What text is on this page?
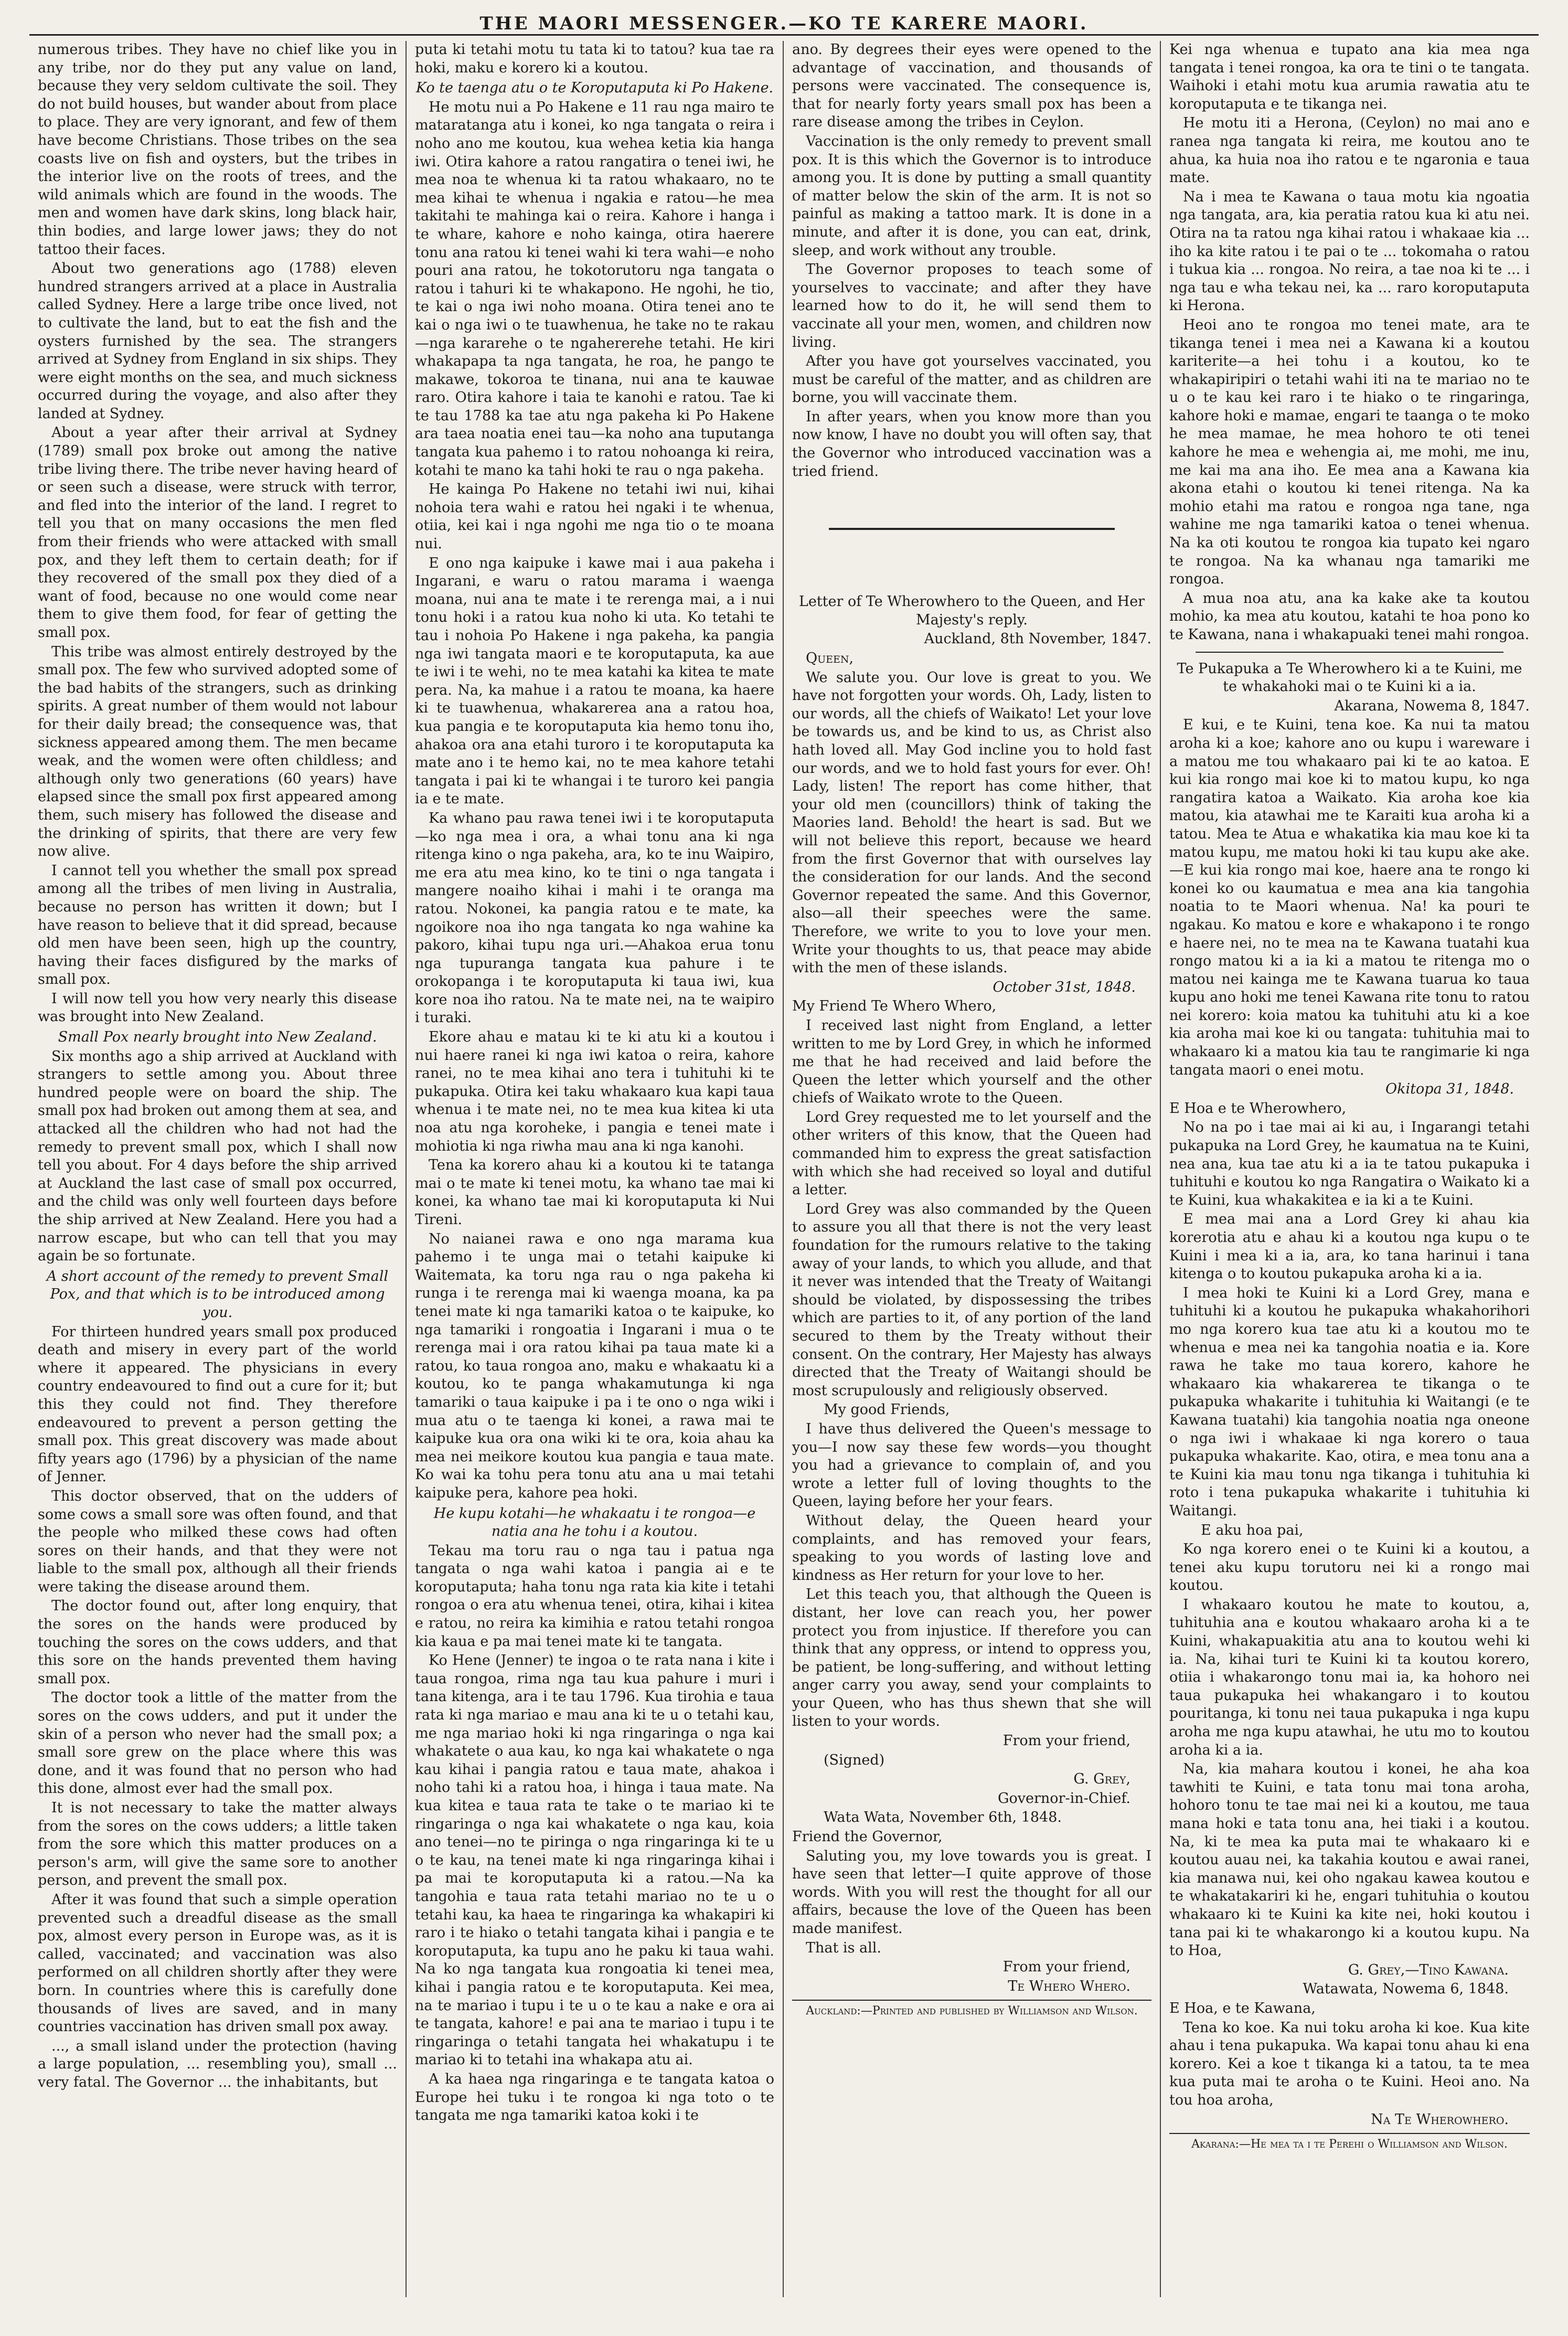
THE MAORI MESSENGER.—KO TE KARERE MAORI.

numerous tribes. They have no chief like you in any tribe, nor do they put any value on land, because they very seldom cultivate the soil. They do not build houses, but wander about from place to place. They are very ignorant, and few of them have become Christians. Those tribes on the sea coasts live on fish and oysters, but the tribes in the interior live on the roots of trees, and the wild animals which are found in the woods. The men and women have dark skins, long black hair, thin bodies, and large lower jaws; they do not tattoo their faces.

About two generations ago (1788) eleven hundred strangers arrived at a place in Australia called Sydney. Here a large tribe once lived, not to cultivate the land, but to eat the fish and the oysters furnished by the sea. The strangers arrived at Sydney from England in six ships. They were eight months on the sea, and much sickness occurred during the voyage, and also after they landed at Sydney.

About a year after their arrival at Sydney (1789) small pox broke out among the native tribe living there. The tribe never having heard of or seen such a disease, were struck with terror, and fled into the interior of the land. I regret to tell you that on many occasions the men fled from their friends who were attacked with small pox, and they left them to certain death; for if they recovered of the small pox they died of a want of food, because no one would come near them to give them food, for fear of getting the small pox.

This tribe was almost entirely destroyed by the small pox. The few who survived adopted some of the bad habits of the strangers, such as drinking spirits. A great number of them would not labour for their daily bread; the consequence was, that sickness appeared among them. The men became weak, and the women were often childless; and although only two generations (60 years) have elapsed since the small pox first appeared among them, such misery has followed the disease and the drinking of spirits, that there are very few now alive.

I cannot tell you whether the small pox spread among all the tribes of men living in Australia, because no person has written it down; but I have reason to believe that it did spread, because old men have been seen, high up the country, having their faces disfigured by the marks of small pox.

I will now tell you how very nearly this disease was brought into New Zealand.

Small Pox nearly brought into New Zealand.

Six months ago a ship arrived at Auckland with strangers to settle among you. About three hundred people were on board the ship. The small pox had broken out among them at sea, and attacked all the children who had not had the remedy to prevent small pox, which I shall now tell you about. For 4 days before the ship arrived at Auckland the last case of small pox occurred, and the child was only well fourteen days before the ship arrived at New Zealand. Here you had a narrow escape, but who can tell that you may again be so fortunate.

A short account of the remedy to prevent Small Pox, and that which is to be introduced among you.

For thirteen hundred years small pox produced death and misery in every part of the world where it appeared. The physicians in every country endeavoured to find out a cure for it; but this they could not find. They therefore endeavoured to prevent a person getting the small pox. This great discovery was made about fifty years ago (1796) by a physician of the name of Jenner.

This doctor observed, that on the udders of some cows a small sore was often found, and that the people who milked these cows had often sores on their hands, and that they were not liable to the small pox, although all their friends were taking the disease around them.

The doctor found out, after long enquiry, that the sores on the hands were produced by touching the sores on the cows udders, and that this sore on the hands prevented them having small pox.

The doctor took a little of the matter from the sores on the cows udders, and put it under the skin of a person who never had the small pox; a small sore grew on the place where this was done, and it was found that no person who had this done, almost ever had the small pox.

It is not necessary to take the matter always from the sores on the cows udders; a little taken from the sore which this matter produces on a person's arm, will give the same sore to another person, and prevent the small pox.

After it was found that such a simple operation prevented such a dreadful disease as the small pox, almost every person in Europe was, as it is called, vaccinated; and vaccination was also performed on all children shortly after they were born. In countries where this is carefully done thousands of lives are saved, and in many countries vaccination has driven small pox away.

..., a small island under the protection (having a large population, ... resembling you), small ... very fatal. The Governor ... the inhabitants, but

puta ki tetahi motu tu tata ki to tatou? kua tae ra hoki, maku e korero ki a koutou.

Ko te taenga atu o te Koroputaputa ki Po Hakene.

He motu nui a Po Hakene e 11 rau nga mairo te mataratanga atu i konei, ko nga tangata o reira i noho ano me koutou, kua wehea ketia kia hanga iwi. Otira kahore a ratou rangatira o tenei iwi, he mea noa te whenua ki ta ratou whakaaro, no te mea kihai te whenua i ngakia e ratou—he mea takitahi te mahinga kai o reira. Kahore i hanga i te whare, kahore e noho kainga, otira haerere tonu ana ratou ki tenei wahi ki tera wahi—e noho pouri ana ratou, he tokotorutoru nga tangata o ratou i tahuri ki te whakapono. He ngohi, he tio, te kai o nga iwi noho moana. Otira tenei ano te kai o nga iwi o te tuawhenua, he take no te rakau—nga kararehe o te ngahererehe tetahi. He kiri whakapapa ta nga tangata, he roa, he pango te makawe, tokoroa te tinana, nui ana te kauwae raro. Otira kahore i taia te kanohi e ratou. Tae ki te tau 1788 ka tae atu nga pakeha ki Po Hakene ara taea noatia enei tau—ka noho ana tuputanga tangata kua pahemo i to ratou nohoanga ki reira, kotahi te mano ka tahi hoki te rau o nga pakeha.

He kainga Po Hakene no tetahi iwi nui, kihai nohoia tera wahi e ratou hei ngaki i te whenua, otiia, kei kai i nga ngohi me nga tio o te moana nui.

E ono nga kaipuke i kawe mai i aua pakeha i Ingarani, e waru o ratou marama i waenga moana, nui ana te mate i te rerenga mai, a i nui tonu hoki i a ratou kua noho ki uta. Ko tetahi te tau i nohoia Po Hakene i nga pakeha, ka pangia nga iwi tangata maori e te koroputaputa, ka aue te iwi i te wehi, no te mea katahi ka kitea te mate pera. Na, ka mahue i a ratou te moana, ka haere ki te tuawhenua, whakarerea ana a ratou hoa, kua pangia e te koroputaputa kia hemo tonu iho, ahakoa ora ana etahi turoro i te koroputaputa ka mate ano i te hemo kai, no te mea kahore tetahi tangata i pai ki te whangai i te turoro kei pangia ia e te mate.

Ka whano pau rawa tenei iwi i te koroputaputa—ko nga mea i ora, a whai tonu ana ki nga ritenga kino o nga pakeha, ara, ko te inu Waipiro, me era atu mea kino, ko te tini o nga tangata i mangere noaiho kihai i mahi i te oranga ma ratou. Nokonei, ka pangia ratou e te mate, ka ngoikore noa iho nga tangata ko nga wahine ka pakoro, kihai tupu nga uri.—Ahakoa erua tonu nga tupuranga tangata kua pahure i te orokopanga i te koroputaputa ki taua iwi, kua kore noa iho ratou. Na te mate nei, na te waipiro i turaki.

Ekore ahau e matau ki te ki atu ki a koutou i nui haere ranei ki nga iwi katoa o reira, kahore ranei, no te mea kihai ano tera i tuhituhi ki te pukapuka. Otira kei taku whakaaro kua kapi taua whenua i te mate nei, no te mea kua kitea ki uta noa atu nga koroheke, i pangia e tenei mate i mohiotia ki nga riwha mau ana ki nga kanohi.

Tena ka korero ahau ki a koutou ki te tatanga mai o te mate ki tenei motu, ka whano tae mai ki konei, ka whano tae mai ki koroputaputa ki Nui Tireni.

No naianei rawa e ono nga marama kua pahemo i te unga mai o tetahi kaipuke ki Waitemata, ka toru nga rau o nga pakeha ki runga i te rerenga mai ki waenga moana, ka pa tenei mate ki nga tamariki katoa o te kaipuke, ko nga tamariki i rongoatia i Ingarani i mua o te rerenga mai i ora ratou kihai pa taua mate ki a ratou, ko taua rongoa ano, maku e whakaatu ki a koutou, ko te panga whakamutunga ki nga tamariki o taua kaipuke i pa i te ono o nga wiki i mua atu o te taenga ki konei, a rawa mai te kaipuke kua ora ona wiki ki te ora, koia ahau ka mea nei meikore koutou kua pangia e taua mate. Ko wai ka tohu pera tonu atu ana u mai tetahi kaipuke pera, kahore pea hoki.

He kupu kotahi—he whakaatu i te rongoa—e natia ana he tohu i a koutou.

Tekau ma toru rau o nga tau i patua nga tangata o nga wahi katoa i pangia ai e te koroputaputa; haha tonu nga rata kia kite i tetahi rongoa o era atu whenua tenei, otira, kihai i kitea e ratou, no reira ka kimihia e ratou tetahi rongoa kia kaua e pa mai tenei mate ki te tangata.

Ko Hene (Jenner) te ingoa o te rata nana i kite i taua rongoa, rima nga tau kua pahure i muri i tana kitenga, ara i te tau 1796. Kua tirohia e taua rata ki nga mariao e mau ana ki te u o tetahi kau, me nga mariao hoki ki nga ringaringa o nga kai whakatete o aua kau, ko nga kai whakatete o nga kau kihai i pangia ratou e taua mate, ahakoa i noho tahi ki a ratou hoa, i hinga i taua mate. Na kua kitea e taua rata te take o te mariao ki te ringaringa o nga kai whakatete o nga kau, koia ano tenei—no te piringa o nga ringaringa ki te u o te kau, na tenei mate ki nga ringaringa kihai i pa mai te koroputaputa ki a ratou.—Na ka tangohia e taua rata tetahi mariao no te u o tetahi kau, ka haea te ringaringa ka whakapiri ki raro i te hiako o tetahi tangata kihai i pangia e te koroputaputa, ka tupu ano he paku ki taua wahi. Na ko nga tangata kua rongoatia ki tenei mea, kihai i pangia ratou e te koroputaputa. Kei mea, na te mariao i tupu i te u o te kau a nake e ora ai te tangata, kahore! e pai ana te mariao i tupu i te ringaringa o tetahi tangata hei whakatupu i te mariao ki to tetahi ina whakapa atu ai.

A ka haea nga ringaringa e te tangata katoa o Europe hei tuku i te rongoa ki nga toto o te tangata me nga tamariki katoa koki i te

ano. By degrees their eyes were opened to the advantage of vaccination, and thousands of persons were vaccinated. The consequence is, that for nearly forty years small pox has been a rare disease among the tribes in Ceylon.

Vaccination is the only remedy to prevent small pox. It is this which the Governor is to introduce among you. It is done by putting a small quantity of matter below the skin of the arm. It is not so painful as making a tattoo mark. It is done in a minute, and after it is done, you can eat, drink, sleep, and work without any trouble.

The Governor proposes to teach some of yourselves to vaccinate; and after they have learned how to do it, he will send them to vaccinate all your men, women, and children now living.

After you have got yourselves vaccinated, you must be careful of the matter, and as children are borne, you will vaccinate them.

In after years, when you know more than you now know, I have no doubt you will often say, that the Governor who introduced vaccination was a tried friend.

Letter of Te Wherowhero to the Queen, and Her Majesty's reply.

Auckland, 8th November, 1847.

Queen,

We salute you. Our love is great to you. We have not forgotten your words. Oh, Lady, listen to our words, all the chiefs of Waikato! Let your love be towards us, and be kind to us, as Christ also hath loved all. May God incline you to hold fast our words, and we to hold fast yours for ever. Oh! Lady, listen! The report has come hither, that your old men (councillors) think of taking the Maories land. Behold! the heart is sad. But we will not believe this report, because we heard from the first Governor that with ourselves lay the consideration for our lands. And the second Governor repeated the same. And this Governor, also—all their speeches were the same. Therefore, we write to you to love your men. Write your thoughts to us, that peace may abide with the men of these islands.

October 31st, 1848.

My Friend Te Whero Whero,

I received last night from England, a letter written to me by Lord Grey, in which he informed me that he had received and laid before the Queen the letter which yourself and the other chiefs of Waikato wrote to the Queen.

Lord Grey requested me to let yourself and the other writers of this know, that the Queen had commanded him to express the great satisfaction with which she had received so loyal and dutiful a letter.

Lord Grey was also commanded by the Queen to assure you all that there is not the very least foundation for the rumours relative to the taking away of your lands, to which you allude, and that it never was intended that the Treaty of Waitangi should be violated, by dispossessing the tribes which are parties to it, of any portion of the land secured to them by the Treaty without their consent. On the contrary, Her Majesty has always directed that the Treaty of Waitangi should be most scrupulously and religiously observed.

My good Friends,

I have thus delivered the Queen's message to you—I now say these few words—you thought you had a grievance to complain of, and you wrote a letter full of loving thoughts to the Queen, laying before her your fears.

Without delay, the Queen heard your complaints, and has removed your fears, speaking to you words of lasting love and kindness as Her return for your love to her.

Let this teach you, that although the Queen is distant, her love can reach you, her power protect you from injustice. If therefore you can think that any oppress, or intend to oppress you, be patient, be long-suffering, and without letting anger carry you away, send your complaints to your Queen, who has thus shewn that she will listen to your words.

From your friend,

(Signed)

G. Grey,

Governor-in-Chief.

Wata Wata, November 6th, 1848.

Friend the Governor,

Saluting you, my love towards you is great. I have seen that letter—I quite approve of those words. With you will rest the thought for all our affairs, because the love of the Queen has been made manifest.

That is all.

From your friend,

Te Whero Whero.

Auckland:—Printed and published by Williamson and Wilson.

Kei nga whenua e tupato ana kia mea nga tangata i tenei rongoa, ka ora te tini o te tangata. Waihoki i etahi motu kua arumia rawatia atu te koroputaputa e te tikanga nei.

He motu iti a Herona, (Ceylon) no mai ano e ranea nga tangata ki reira, me koutou ano te ahua, ka huia noa iho ratou e te ngaronia e taua mate.

Na i mea te Kawana o taua motu kia ngoatia nga tangata, ara, kia peratia ratou kua ki atu nei. Otira na ta ratou nga kihai ratou i whakaae kia ... iho ka kite ratou i te pai o te ... tokomaha o ratou i tukua kia ... rongoa. No reira, a tae noa ki te ... i nga tau e wha tekau nei, ka ... raro koroputaputa ki Herona.

Heoi ano te rongoa mo tenei mate, ara te tikanga tenei i mea nei a Kawana ki a koutou kariterite—a hei tohu i a koutou, ko te whakapiripiri o tetahi wahi iti na te mariao no te u o te kau kei raro i te hiako o te ringaringa, kahore hoki e mamae, engari te taanga o te moko he mea mamae, he mea hohoro te oti tenei kahore he mea e wehengia ai, me mohi, me inu, me kai ma ana iho. Ee mea ana a Kawana kia akona etahi o koutou ki tenei ritenga. Na ka mohio etahi ma ratou e rongoa nga tane, nga wahine me nga tamariki katoa o tenei whenua. Na ka oti koutou te rongoa kia tupato kei ngaro te rongoa. Na ka whanau nga tamariki me rongoa.

A mua noa atu, ana ka kake ake ta koutou mohio, ka mea atu koutou, katahi te hoa pono ko te Kawana, nana i whakapuaki tenei mahi rongoa.

Te Pukapuka a Te Wherowhero ki a te Kuini, me te whakahoki mai o te Kuini ki a ia.

Akarana, Nowema 8, 1847.

E kui, e te Kuini, tena koe. Ka nui ta matou aroha ki a koe; kahore ano ou kupu i wareware i a matou me tou whakaaro pai ki te ao katoa. E kui kia rongo mai koe ki to matou kupu, ko nga rangatira katoa a Waikato. Kia aroha koe kia matou, kia atawhai me te Karaiti kua aroha ki a tatou. Mea te Atua e whakatika kia mau koe ki ta matou kupu, me matou hoki ki tau kupu ake ake.—E kui kia rongo mai koe, haere ana te rongo ki konei ko ou kaumatua e mea ana kia tangohia noatia to te Maori whenua. Na! ka pouri te ngakau. Ko matou e kore e whakapono i te rongo e haere nei, no te mea na te Kawana tuatahi kua rongo matou ki a ia ki a matou te ritenga mo o matou nei kainga me te Kawana tuarua ko taua kupu ano hoki me tenei Kawana rite tonu to ratou nei korero: koia matou ka tuhituhi atu ki a koe kia aroha mai koe ki ou tangata: tuhituhia mai to whakaaro ki a matou kia tau te rangimarie ki nga tangata maori o enei motu.

Okitopa 31, 1848.

E Hoa e te Wherowhero,

No na po i tae mai ai ki au, i Ingarangi tetahi pukapuka na Lord Grey, he kaumatua na te Kuini, nea ana, kua tae atu ki a ia te tatou pukapuka i tuhituhi e koutou ko nga Rangatira o Waikato ki a te Kuini, kua whakakitea e ia ki a te Kuini.

E mea mai ana a Lord Grey ki ahau kia korerotia atu e ahau ki a koutou nga kupu o te Kuini i mea ki a ia, ara, ko tana harinui i tana kitenga o to koutou pukapuka aroha ki a ia.

I mea hoki te Kuini ki a Lord Grey, mana e tuhituhi ki a koutou he pukapuka whakahorihori mo nga korero kua tae atu ki a koutou mo te whenua e mea nei ka tangohia noatia e ia. Kore rawa he take mo taua korero, kahore he whakaaro kia whakarerea te tikanga o te pukapuka whakarite i tuhituhia ki Waitangi (e te Kawana tuatahi) kia tangohia noatia nga oneone o nga iwi i whakaae ki nga korero o taua pukapuka whakarite. Kao, otira, e mea tonu ana a te Kuini kia mau tonu nga tikanga i tuhituhia ki roto i tena pukapuka whakarite i tuhituhia ki Waitangi.

E aku hoa pai,

Ko nga korero enei o te Kuini ki a koutou, a tenei aku kupu torutoru nei ki a rongo mai koutou.

I whakaaro koutou he mate to koutou, a, tuhituhia ana e koutou whakaaro aroha ki a te Kuini, whakapuakitia atu ana to koutou wehi ki ia. Na, kihai turi te Kuini ki ta koutou korero, otiia i whakarongo tonu mai ia, ka hohoro nei taua pukapuka hei whakangaro i to koutou pouritanga, ki tonu nei taua pukapuka i nga kupu aroha me nga kupu atawhai, he utu mo to koutou aroha ki a ia.

Na, kia mahara koutou i konei, he aha koa tawhiti te Kuini, e tata tonu mai tona aroha, hohoro tonu te tae mai nei ki a koutou, me taua mana hoki e tata tonu ana, hei tiaki i a koutou. Na, ki te mea ka puta mai te whakaaro ki e koutou auau nei, ka takahia koutou e awai ranei, kia manawa nui, kei oho ngakau kawea koutou e te whakatakariri ki he, engari tuhituhia o koutou whakaaro ki te Kuini ka kite nei, hoki koutou i tana pai ki te whakarongo ki a koutou kupu. Na to Hoa,

G. Grey,—Tino Kawana.

Watawata, Nowema 6, 1848.

E Hoa, e te Kawana,

Tena ko koe. Ka nui toku aroha ki koe. Kua kite ahau i tena pukapuka. Wa kapai tonu ahau ki ena korero. Kei a koe t tikanga ki a tatou, ta te mea kua puta mai te aroha o te Kuini. Heoi ano. Na tou hoa aroha,

Na Te Wherowhero.

Akarana:—He mea ta i te Perehi o Williamson and Wilson.
